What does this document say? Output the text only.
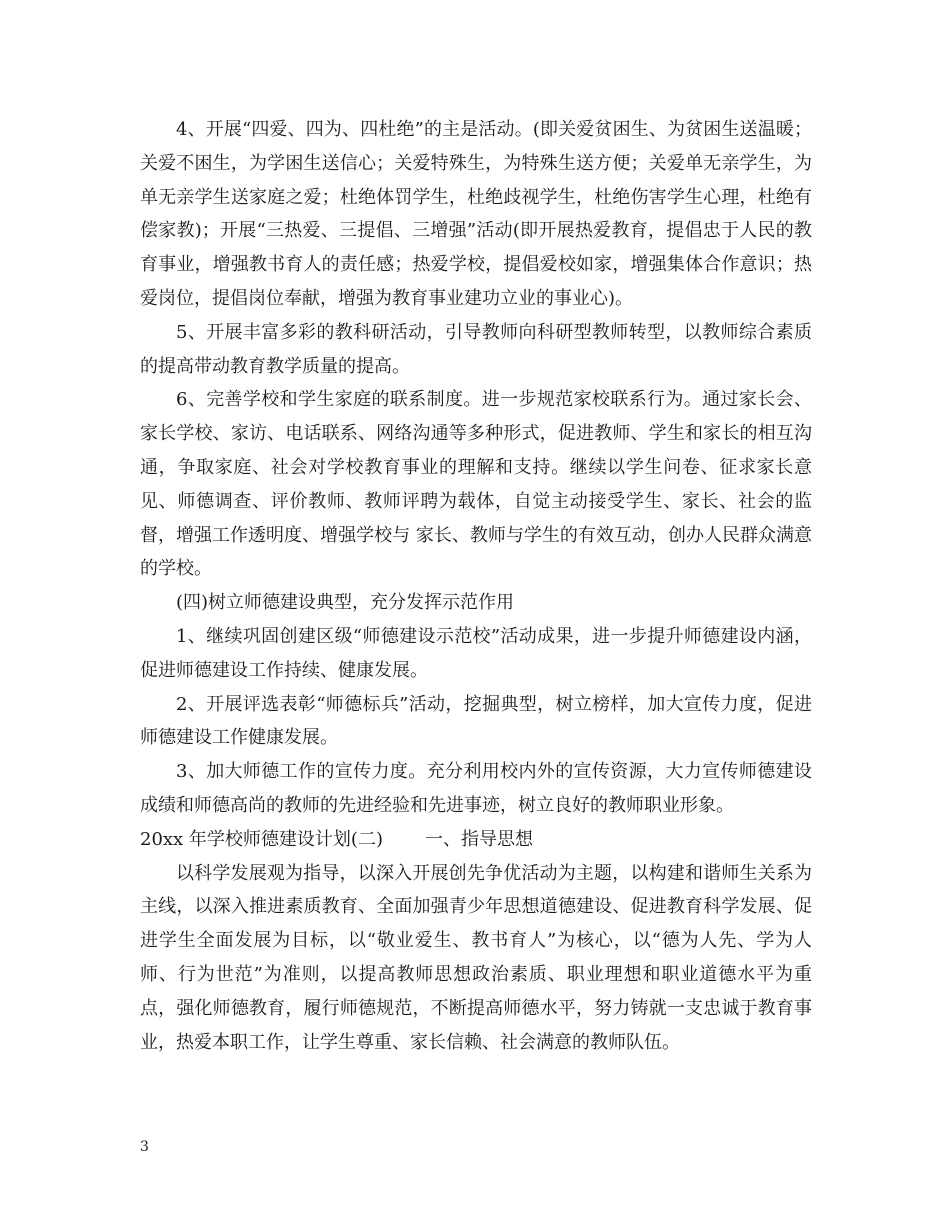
4、开展“四爱、四为、四杜绝”的主是活动。(即关爱贫困生、为贫困生送温暖；关爱不困生，为学困生送信心；关爱特殊生，为特殊生送方便；关爱单无亲学生，为单无亲学生送家庭之爱；杜绝体罚学生，杜绝歧视学生，杜绝伤害学生心理，杜绝有偿家教)；开展“三热爱、三提倡、三增强”活动(即开展热爱教育，提倡忠于人民的教育事业，增强教书育人的责任感；热爱学校，提倡爱校如家，增强集体合作意识；热爱岗位，提倡岗位奉献，增强为教育事业建功立业的事业心)。

5、开展丰富多彩的教科研活动，引导教师向科研型教师转型，以教师综合素质的提高带动教育教学质量的提高。

6、完善学校和学生家庭的联系制度。进一步规范家校联系行为。通过家长会、家长学校、家访、电话联系、网络沟通等多种形式，促进教师、学生和家长的相互沟通，争取家庭、社会对学校教育事业的理解和支持。继续以学生问卷、征求家长意见、师德调查、评价教师、教师评聘为载体，自觉主动接受学生、家长、社会的监督，增强工作透明度、增强学校与 家长、教师与学生的有效互动，创办人民群众满意的学校。

(四)树立师德建设典型，充分发挥示范作用

1、继续巩固创建区级“师德建设示范校”活动成果，进一步提升师德建设内涵，促进师德建设工作持续、健康发展。

2、开展评选表彰“师德标兵”活动，挖掘典型，树立榜样，加大宣传力度，促进师德建设工作健康发展。

3、加大师德工作的宣传力度。充分利用校内外的宣传资源，大力宣传师德建设成绩和师德高尚的教师的先进经验和先进事迹，树立良好的教师职业形象。

20xx 年学校师德建设计划(二) 一、指导思想

以科学发展观为指导，以深入开展创先争优活动为主题，以构建和谐师生关系为主线，以深入推进素质教育、全面加强青少年思想道德建设、促进教育科学发展、促进学生全面发展为目标，以“敬业爱生、教书育人”为核心，以“德为人先、学为人师、行为世范”为准则，以提高教师思想政治素质、职业理想和职业道德水平为重点，强化师德教育，履行师德规范，不断提高师德水平，努力铸就一支忠诚于教育事业，热爱本职工作，让学生尊重、家长信赖、社会满意的教师队伍。

3
